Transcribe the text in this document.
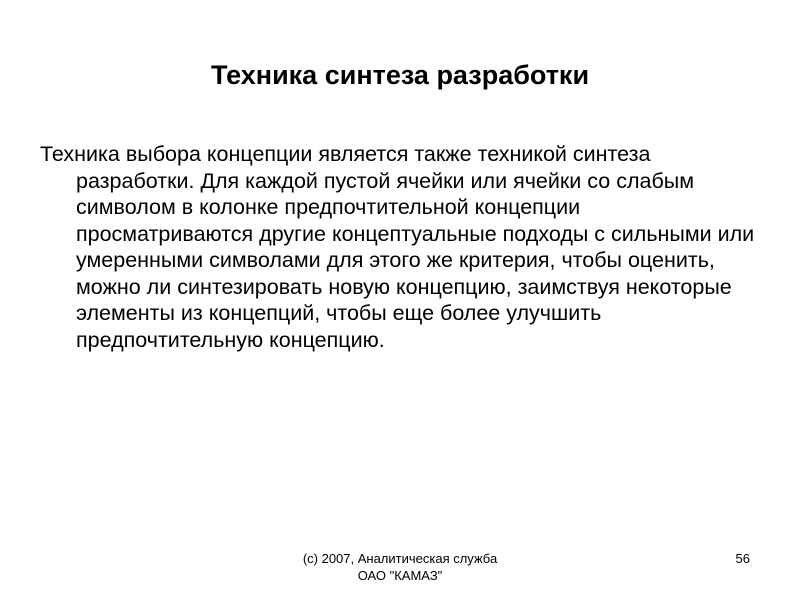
Техника синтеза разработки

Техника выбора концепции является также техникой синтеза разработки. Для каждой пустой ячейки или ячейки со слабым символом в колонке предпочтительной концепции просматриваются другие концептуальные подходы с сильными или умеренными символами для этого же критерия, чтобы оценить, можно ли синтезировать новую концепцию, заимствуя некоторые элементы из концепций, чтобы еще более улучшить предпочтительную концепцию.

(c) 2007, Аналитическая служба
ОАО "КАМАЗ"
56
